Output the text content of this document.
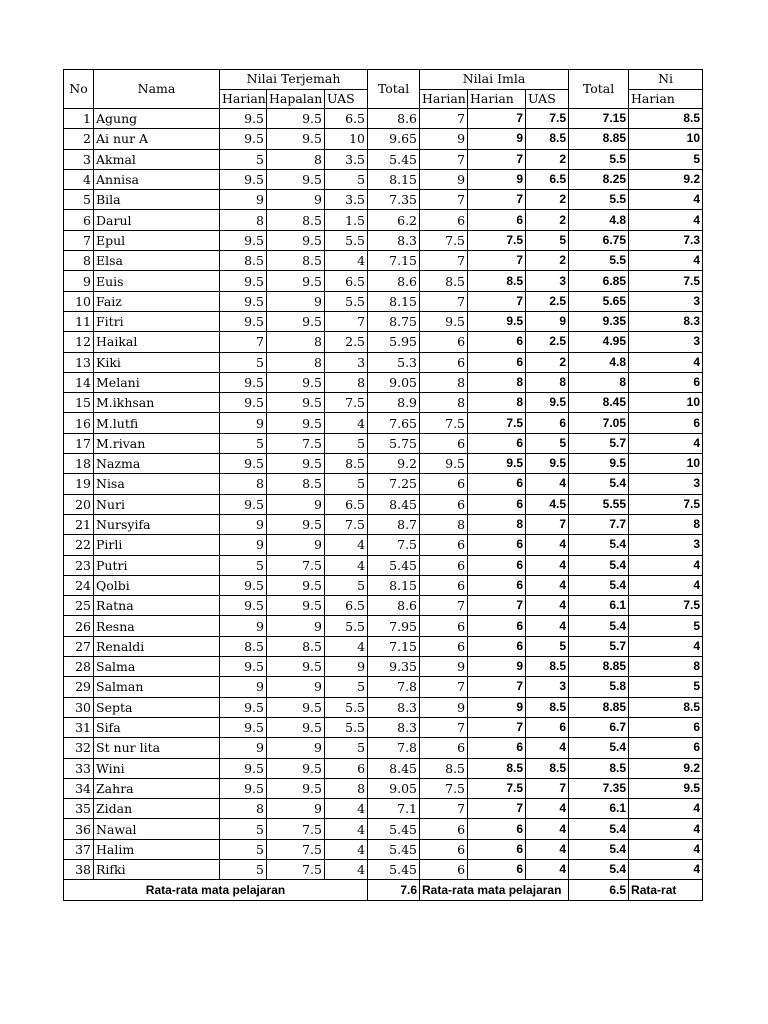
No	Nama	Nilai Terjemah			Total	Nilai Imla			Total	Ni
		Harian	Hapalan	UAS		Harian	Harian	UAS		Harian
1	Agung	9.5	9.5	6.5	8.6	7	7	7.5	7.15	8.5
2	Ai nur A	9.5	9.5	10	9.65	9	9	8.5	8.85	10
3	Akmal	5	8	3.5	5.45	7	7	2	5.5	5
4	Annisa	9.5	9.5	5	8.15	9	9	6.5	8.25	9.2
5	Bila	9	9	3.5	7.35	7	7	2	5.5	4
6	Darul	8	8.5	1.5	6.2	6	6	2	4.8	4
7	Epul	9.5	9.5	5.5	8.3	7.5	7.5	5	6.75	7.3
8	Elsa	8.5	8.5	4	7.15	7	7	2	5.5	4
9	Euis	9.5	9.5	6.5	8.6	8.5	8.5	3	6.85	7.5
10	Faiz	9.5	9	5.5	8.15	7	7	2.5	5.65	3
11	Fitri	9.5	9.5	7	8.75	9.5	9.5	9	9.35	8.3
12	Haikal	7	8	2.5	5.95	6	6	2.5	4.95	3
13	Kiki	5	8	3	5.3	6	6	2	4.8	4
14	Melani	9.5	9.5	8	9.05	8	8	8	8	6
15	M.ikhsan	9.5	9.5	7.5	8.9	8	8	9.5	8.45	10
16	M.lutfi	9	9.5	4	7.65	7.5	7.5	6	7.05	6
17	M.rivan	5	7.5	5	5.75	6	6	5	5.7	4
18	Nazma	9.5	9.5	8.5	9.2	9.5	9.5	9.5	9.5	10
19	Nisa	8	8.5	5	7.25	6	6	4	5.4	3
20	Nuri	9.5	9	6.5	8.45	6	6	4.5	5.55	7.5
21	Nursyifa	9	9.5	7.5	8.7	8	8	7	7.7	8
22	Pirli	9	9	4	7.5	6	6	4	5.4	3
23	Putri	5	7.5	4	5.45	6	6	4	5.4	4
24	Qolbi	9.5	9.5	5	8.15	6	6	4	5.4	4
25	Ratna	9.5	9.5	6.5	8.6	7	7	4	6.1	7.5
26	Resna	9	9	5.5	7.95	6	6	4	5.4	5
27	Renaldi	8.5	8.5	4	7.15	6	6	5	5.7	4
28	Salma	9.5	9.5	9	9.35	9	9	8.5	8.85	8
29	Salman	9	9	5	7.8	7	7	3	5.8	5
30	Septa	9.5	9.5	5.5	8.3	9	9	8.5	8.85	8.5
31	Sifa	9.5	9.5	5.5	8.3	7	7	6	6.7	6
32	St nur lita	9	9	5	7.8	6	6	4	5.4	6
33	Wini	9.5	9.5	6	8.45	8.5	8.5	8.5	8.5	9.2
34	Zahra	9.5	9.5	8	9.05	7.5	7.5	7	7.35	9.5
35	Zidan	8	9	4	7.1	7	7	4	6.1	4
36	Nawal	5	7.5	4	5.45	6	6	4	5.4	4
37	Halim	5	7.5	4	5.45	6	6	4	5.4	4
38	Rifki	5	7.5	4	5.45	6	6	4	5.4	4
Rata-rata mata pelajaran					7.6	Rata-rata mata pelajaran			6.5	Rata-rat
